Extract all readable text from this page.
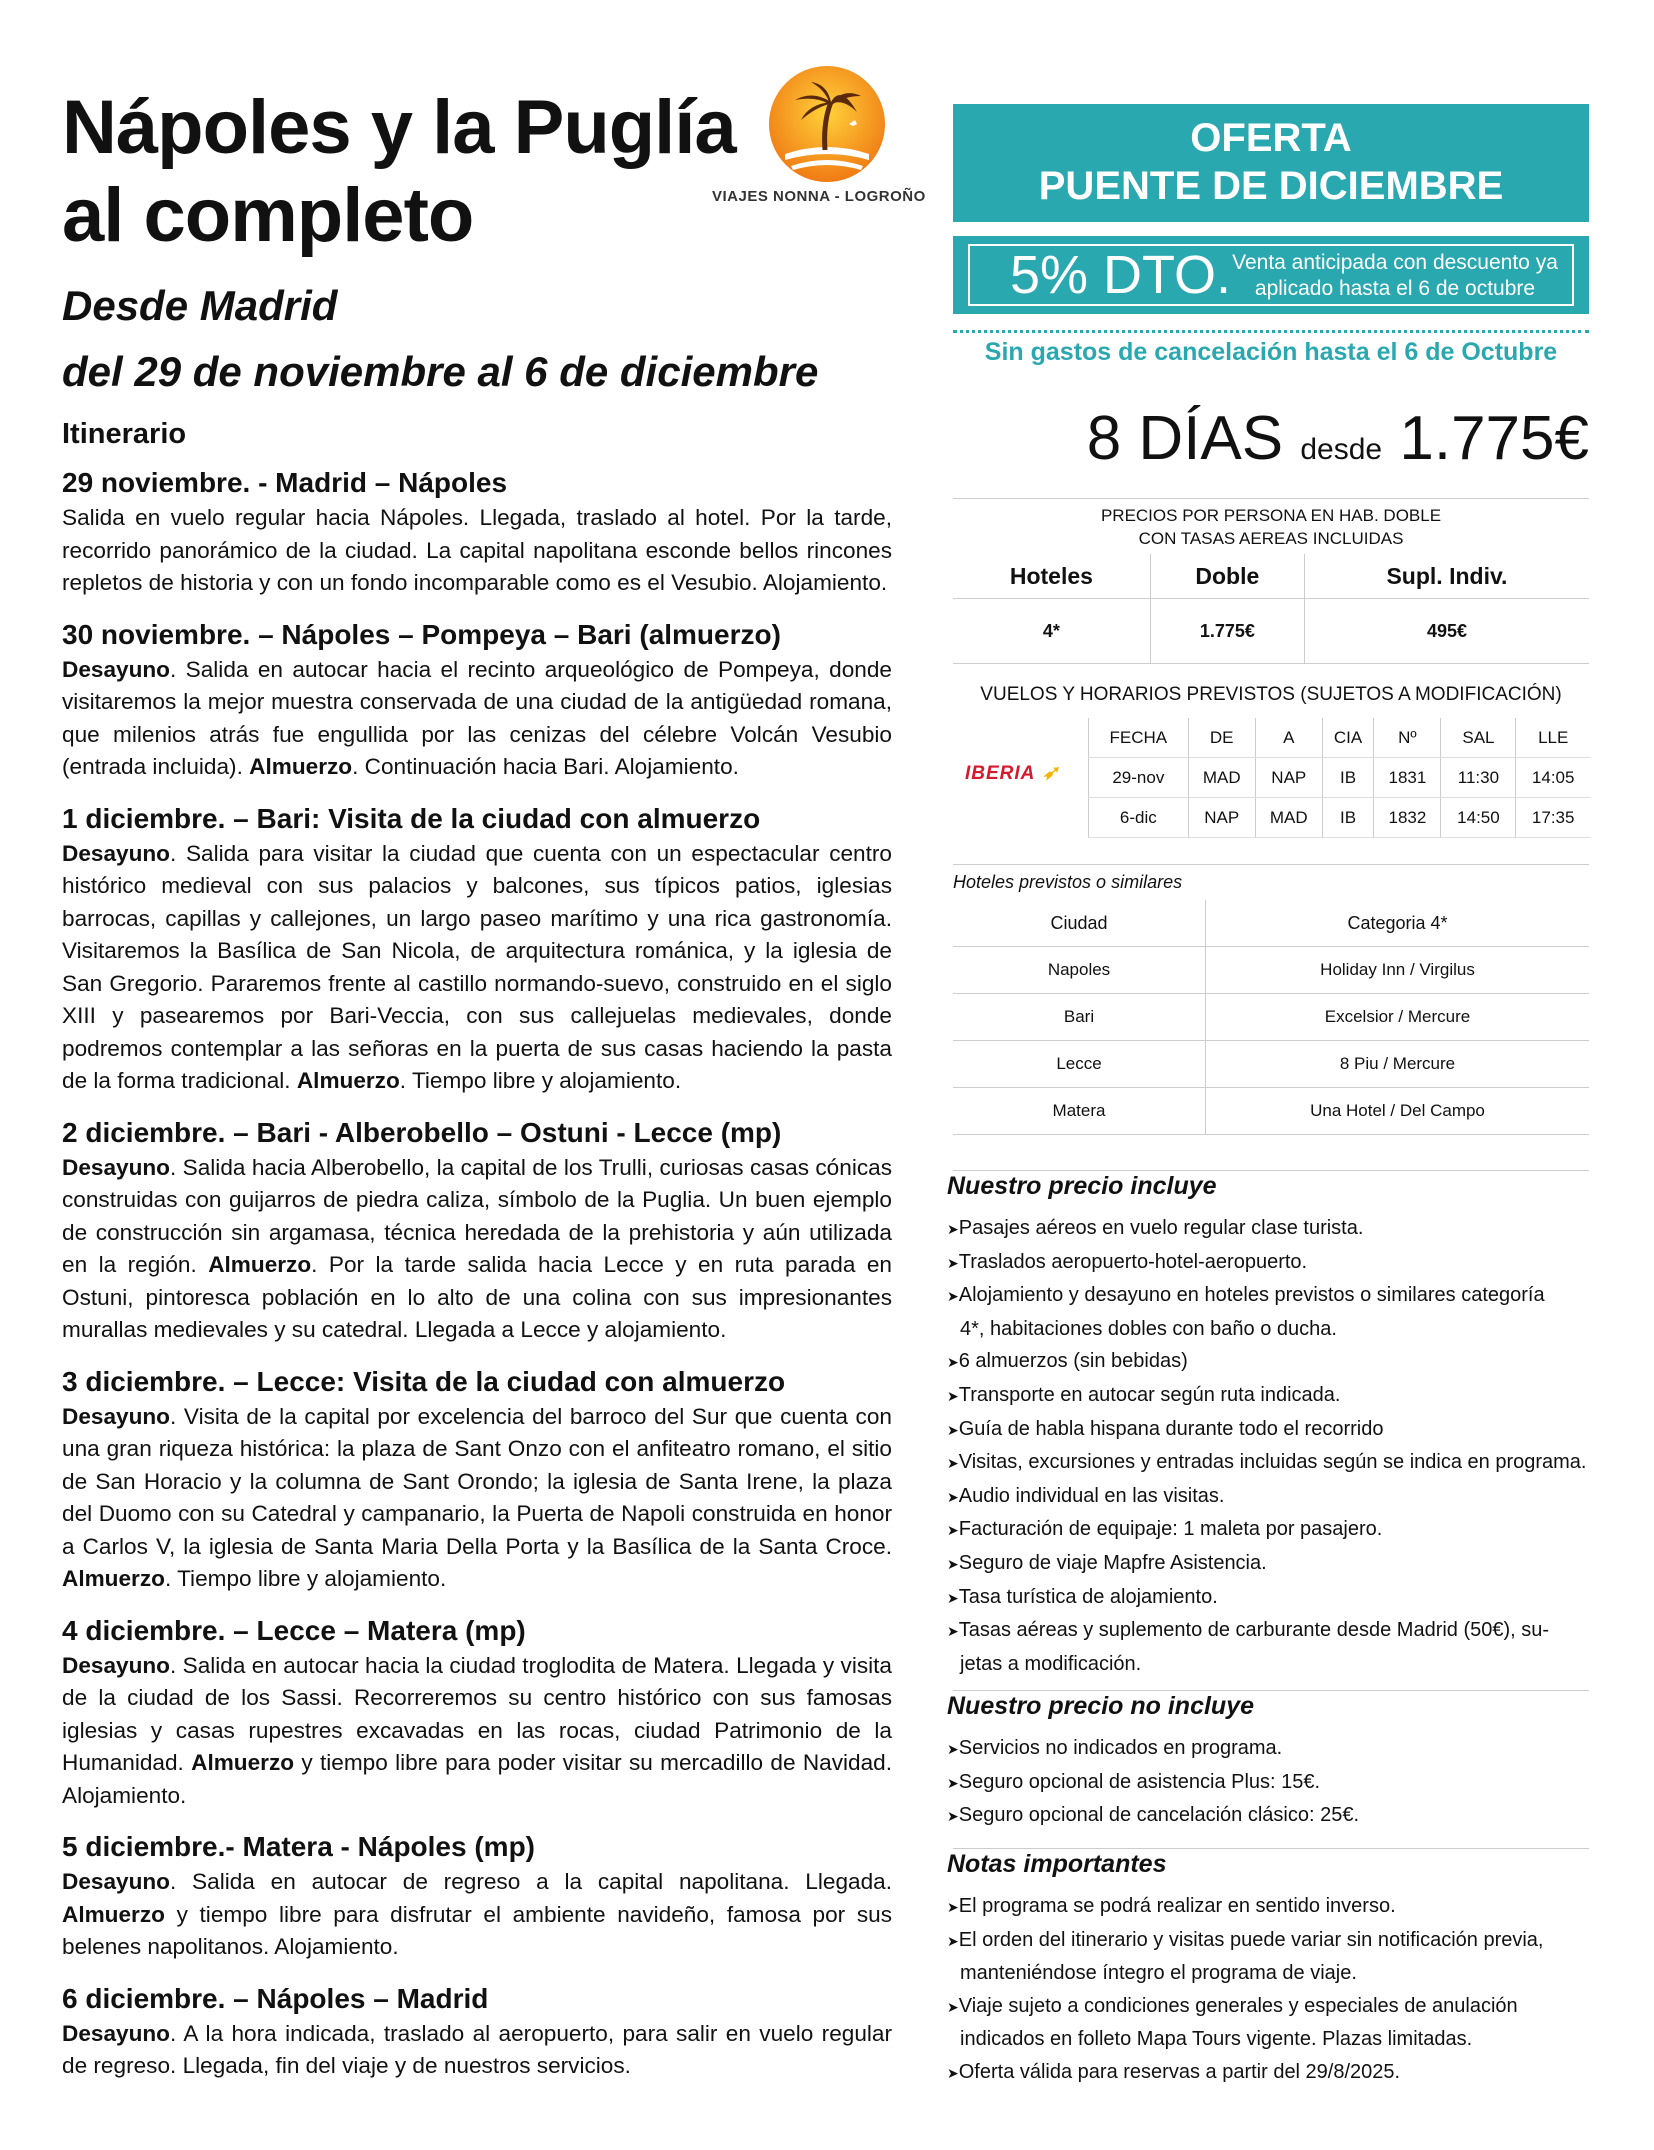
Nápoles y la Puglía
al completo
Desde Madrid
del 29 de noviembre al 6 de diciembre
VIAJES NONNA - LOGROÑO
Itinerario
29 noviembre. - Madrid – Nápoles

Salida en vuelo regular hacia Nápoles. Llegada, traslado al hotel. Por la tarde, recorrido panorámico de la ciudad. La capital napolitana esconde bellos rincones repletos de historia y con un fondo incomparable como es el Vesubio. Alojamiento.

30 noviembre. – Nápoles – Pompeya – Bari (almuerzo)

Desayuno. Salida en autocar hacia el recinto arqueológico de Pompeya, donde visitaremos la mejor muestra conservada de una ciudad de la antigüedad romana, que milenios atrás fue engullida por las cenizas del célebre Volcán Vesubio (entrada incluida). Almuerzo. Continuación hacia Bari. Alojamiento.

1 diciembre. – Bari: Visita de la ciudad con almuerzo

Desayuno. Salida para visitar la ciudad que cuenta con un espectacular centro histórico medieval con sus palacios y balcones, sus típicos patios, iglesias barrocas, capillas y callejones, un largo paseo marítimo y una rica gastronomía. Visitaremos la Basílica de San Nicola, de arquitectura románica, y la iglesia de San Gregorio. Pararemos frente al castillo normando-suevo, construido en el siglo XIII y pasearemos por Bari-Veccia, con sus callejuelas medievales, donde podremos contemplar a las señoras en la puerta de sus casas haciendo la pasta de la forma tradicional. Almuerzo. Tiempo libre y alojamiento.

2 diciembre. – Bari - Alberobello – Ostuni - Lecce (mp)

Desayuno. Salida hacia Alberobello, la capital de los Trulli, curiosas casas cónicas construidas con guijarros de piedra caliza, símbolo de la Puglia. Un buen ejemplo de construcción sin argamasa, técnica heredada de la prehistoria y aún utilizada en la región. Almuerzo. Por la tarde salida hacia Lecce y en ruta parada en Ostuni, pintoresca población en lo alto de una colina con sus impresionantes murallas medievales y su catedral. Llegada a Lecce y alojamiento.

3 diciembre. – Lecce: Visita de la ciudad con almuerzo

Desayuno. Visita de la capital por excelencia del barroco del Sur que cuenta con una gran riqueza histórica: la plaza de Sant Onzo con el anfiteatro romano, el sitio de San Horacio y la columna de Sant Orondo; la iglesia de Santa Irene, la plaza del Duomo con su Catedral y campanario, la Puerta de Napoli construida en honor a Carlos V, la iglesia de Santa Maria Della Porta y la Basílica de la Santa Croce. Almuerzo. Tiempo libre y alojamiento.

4 diciembre. – Lecce – Matera (mp)

Desayuno. Salida en autocar hacia la ciudad troglodita de Matera. Llegada y visita de la ciudad de los Sassi. Recorreremos su centro histórico con sus famosas iglesias y casas rupestres excavadas en las rocas, ciudad Patrimonio de la Humanidad. Almuerzo y tiempo libre para poder visitar su mercadillo de Navidad. Alojamiento.

5 diciembre.- Matera - Nápoles (mp)

Desayuno. Salida en autocar de regreso a la capital napolitana. Llegada. Almuerzo y tiempo libre para disfrutar el ambiente navideño, famosa por sus belenes napolitanos. Alojamiento.

6 diciembre. – Nápoles – Madrid

Desayuno. A la hora indicada, traslado al aeropuerto, para salir en vuelo regular de regreso. Llegada, fin del viaje y de nuestros servicios.

OFERTA
PUENTE DE DICIEMBRE
5% DTO. Venta anticipada con descuento ya
aplicado hasta el 6 de octubre
Sin gastos de cancelación hasta el 6 de Octubre
8 DÍAS desde 1.775€
PRECIOS POR PERSONA EN HAB. DOBLE
CON TASAS AEREAS INCLUIDAS
Hoteles	Doble	Supl. Indiv.
4*	1.775€	495€
VUELOS Y HORARIOS PREVISTOS (SUJETOS A MODIFICACIÓN)
IBERIA ➶
FECHA	DE	A	CIA	Nº	SAL	LLE
29-nov	MAD	NAP	IB	1831	11:30	14:05
6-dic	NAP	MAD	IB	1832	14:50	17:35
Hoteles previstos o similares
Ciudad	Categoria 4*
Napoles	Holiday Inn / Virgilus
Bari	Excelsior / Mercure
Lecce	8 Piu / Mercure
Matera	Una Hotel / Del Campo
Nuestro precio incluye
➤Pasajes aéreos en vuelo regular clase turista.
➤Traslados aeropuerto-hotel-aeropuerto.
➤Alojamiento y desayuno en hoteles previstos o similares categoría
4*, habitaciones dobles con baño o ducha.
➤6 almuerzos (sin bebidas)
➤Transporte en autocar según ruta indicada.
➤Guía de habla hispana durante todo el recorrido
➤Visitas, excursiones y entradas incluidas según se indica en programa.
➤Audio individual en las visitas.
➤Facturación de equipaje: 1 maleta por pasajero.
➤Seguro de viaje Mapfre Asistencia.
➤Tasa turística de alojamiento.
➤Tasas aéreas y suplemento de carburante desde Madrid (50€), su-
jetas a modificación.
Nuestro precio no incluye
➤Servicios no indicados en programa.
➤Seguro opcional de asistencia Plus: 15€.
➤Seguro opcional de cancelación clásico: 25€.
Notas importantes
➤El programa se podrá realizar en sentido inverso.
➤El orden del itinerario y visitas puede variar sin notificación previa,
manteniéndose íntegro el programa de viaje.
➤Viaje sujeto a condiciones generales y especiales de anulación
indicados en folleto Mapa Tours vigente. Plazas limitadas.
➤Oferta válida para reservas a partir del 29/8/2025.
